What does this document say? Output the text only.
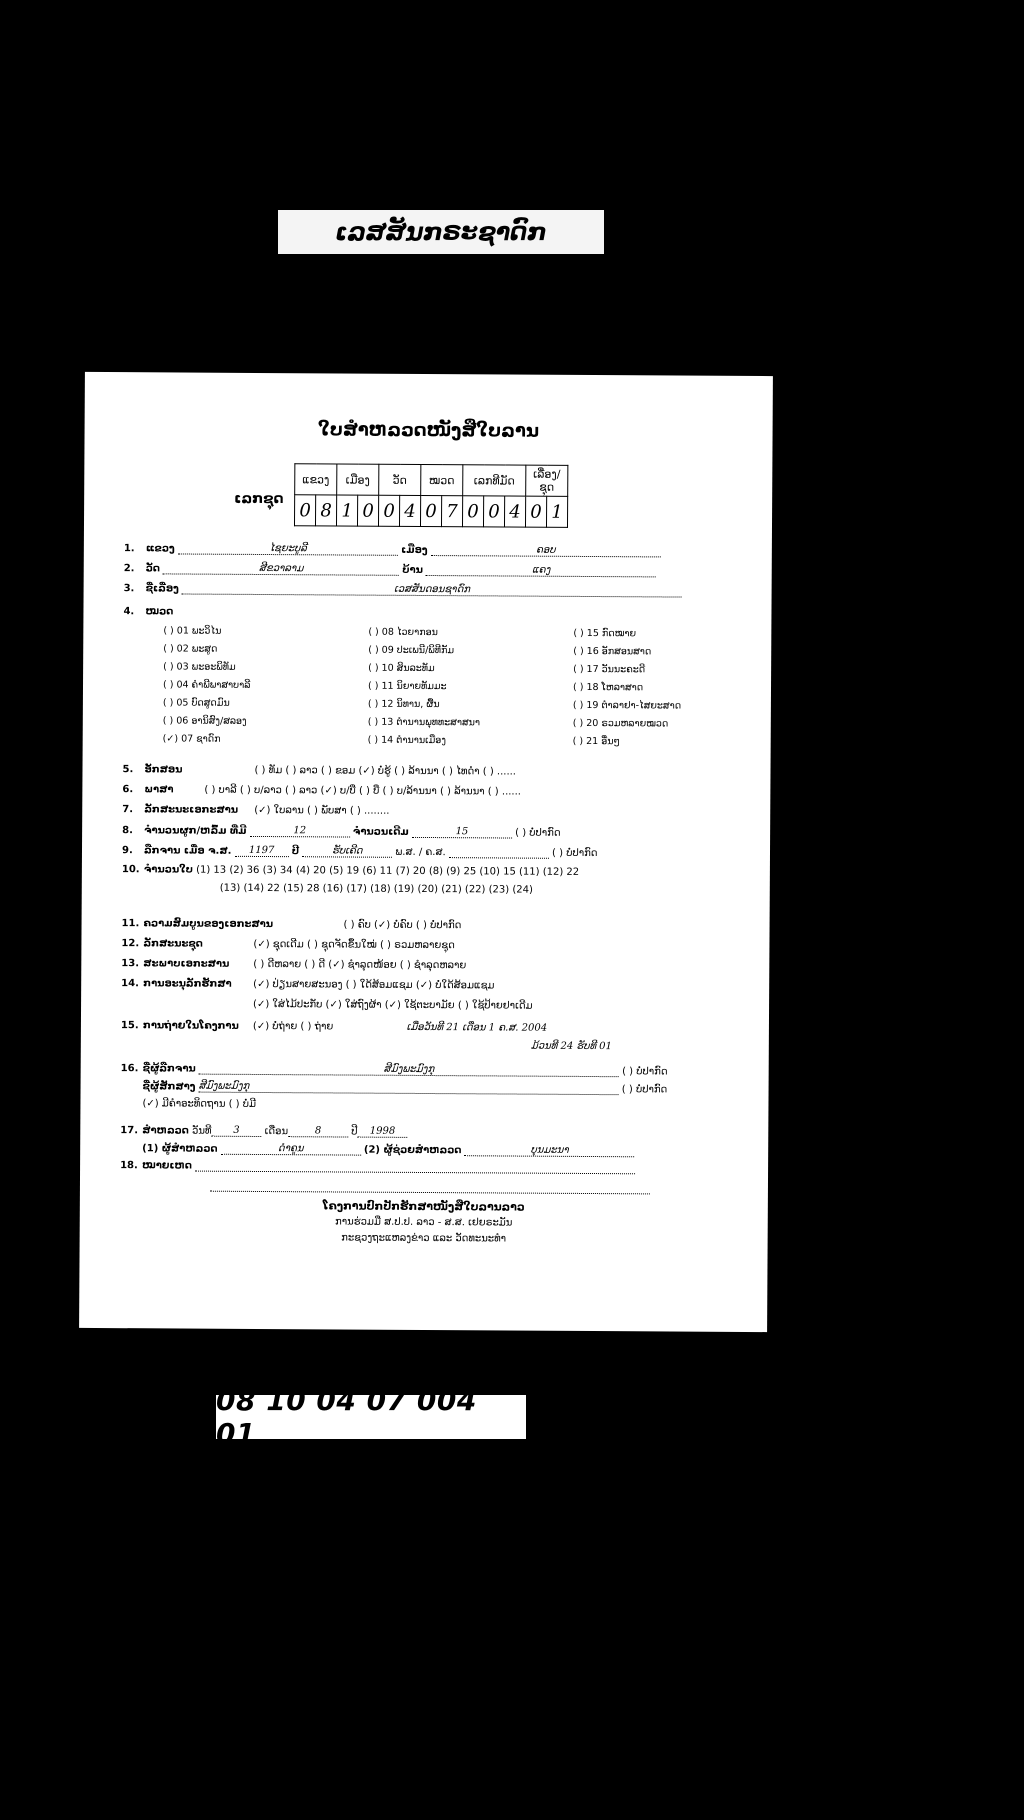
ເລສສັນກຣະຊາດົກ
ໃບສຳຫລວດໜັງສືໃບລານ
ເລກຊຸດ
ແຂວງ		ເມືອງ		ວັດ		ໝວດ		ເລກທີມັດ			ເລື່ອງ/ຊຸດ	
0	8	1	0	0	4	0	7	0	0	4	0	1
1. ແຂວງ	ໄຊຍະບູລີ	ເມືອງ	ຄອບ
2. ວັດ	ສີຂວາລາມ	ບ້ານ	ແຄງ
3. ຊື່ເລື່ອງ	ເວສສັນດອນຊາດົກ
4. ໝວດ
( ) 01 ພະວິໄນ
( ) 02 ພະສູດ
( ) 03 ພະອະພິທັມ
( ) 04 ຄໍາພີພາສາບາລີ
( ) 05 ບົດສູດມົນ
( ) 06 ອານິສົງ/ສລອງ
(✓) 07 ຊາດົກ
( ) 08 ໄວຍາກອນ
( ) 09 ປະເພນີ/ພິທີກັມ
( ) 10 ສິນລະທັມ
( ) 11 ນິຍາຍທັມມະ
( ) 12 ນິທານ, ຜື້ນ
( ) 13 ຕໍານານພຸທທະສາສນາ
( ) 14 ຕໍານານເມືອງ
( ) 15 ກົດໝາຍ
( ) 16 ອັກສອນສາດ
( ) 17 ວັນນະຄະດີ
( ) 18 ໂຫລາສາດ
( ) 19 ຕໍາລາຢາ-ໄສຍະສາດ
( ) 20 ຣວມຫລາຍໝວດ
( ) 21 ອື່ນໆ
5. ອັກສອນ	( ) ທັມ ( ) ລາວ ( ) ຂອມ (✓) ບໍ່ຮູ້ ( ) ລ້ານນາ ( ) ໄທດໍາ ( ) ......
6. ພາສາ	( ) ບາລີ ( ) ບ/ລາວ ( ) ລາວ (✓) ບ/ບື ( ) ບື ( ) ບ/ລ້ານນາ ( ) ລ້ານນາ ( ) ......
7. ລັກສະນະເອກະສານ (✓) ໃບລານ ( ) ພັບສາ ( ) ........
8. ຈໍານວນຜູກ/ຫລົ້ມ ທີ່ມີ	12	ຈໍານວນເດີມ	15	( ) ບໍ່ປາກົດ
9. ລືກຈານ ເມື່ອ ຈ.ສ. 1197 ປີ	ຮັບເຄີດ	ພ.ສ. / ຄ.ສ.	( ) ບໍ່ປາກົດ
10. ຈໍານວນໃບ (1) 13 (2) 36 (3) 34 (4) 20 (5) 19 (6) 11 (7) 20 (8) (9) 25 (10) 15 (11) (12) 22
(13) (14) 22 (15) 28 (16) (17) (18) (19) (20) (21) (22) (23) (24)
11. ຄວາມສົມບູນຂອງເອກະສານ	( ) ຄົບ (✓) ບໍ່ຄົບ ( ) ບໍ່ປາກົດ
12. ລັກສະນະຊຸດ	(✓) ຊຸດເດີມ ( ) ຊຸດຈັດຂຶ້ນໃໝ່ ( ) ຣວມຫລາຍຊຸດ
13. ສະພາບເອກະສານ ( ) ດີຫລາຍ ( ) ດີ (✓) ຊໍາລຸດໜ້ອຍ ( ) ຊໍາລຸດຫລາຍ
14. ການອະນຸລັກຮັກສາ (✓) ປ່ຽນສາຍສະນອງ ( ) ໃດ້ສ້ອມແຊມ (✓) ບໍ່ໃດ້ສ້ອມແຊມ
(✓) ໃສ່ໄມ້ປະກັບ (✓) ໃສ່ຖົງຜ້າ (✓) ໃຊ້ຕະບາມັຍ ( ) ໃຊ້ປ້າຍຢາເດີມ
15. ການຖ່າຍໃນໂຄງການ (✓) ບໍ່ຖ່າຍ ( ) ຖ່າຍ	ເມື່ອວັນທີ 21 ເດືອນ 1 ຄ.ສ. 2004
ມ້ວນທີ 24 ຮັບທີ 01
16. ຊື່ຜູ້ລືກຈານ	ສີມົງພະມົງກຸ	( ) ບໍ່ປາກົດ
ຊື່ຜູ້ສັກສາງ ສີມົງພະມົງກຸ	( ) ບໍ່ປາກົດ
(✓) ມີຄໍາອະທິດຖານ ( ) ບໍ່ມີ
17. ສໍາຫລວດ ວັນທີ 3 ເດືອນ	8	ປີ 1998
(1) ຜູ້ສໍາຫລວດ	ດໍາຄູນ	(2) ຜູ້ຊ່ວຍສໍາຫລວດ	ບຸນມະນາ
18. ໝາຍເຫດ
ໂຄງການປົກປັກຮັກສາໜັງສືໃບລານລາວ
ການຮ່ວມມື ສ.ປ.ປ. ລາວ - ສ.ສ. ເຢຍຣະມັນ
ກະຊວງຖະແຫລງຂ່າວ ແລະ ວັດທະນະທໍາ
08 10 04 07 004 01
